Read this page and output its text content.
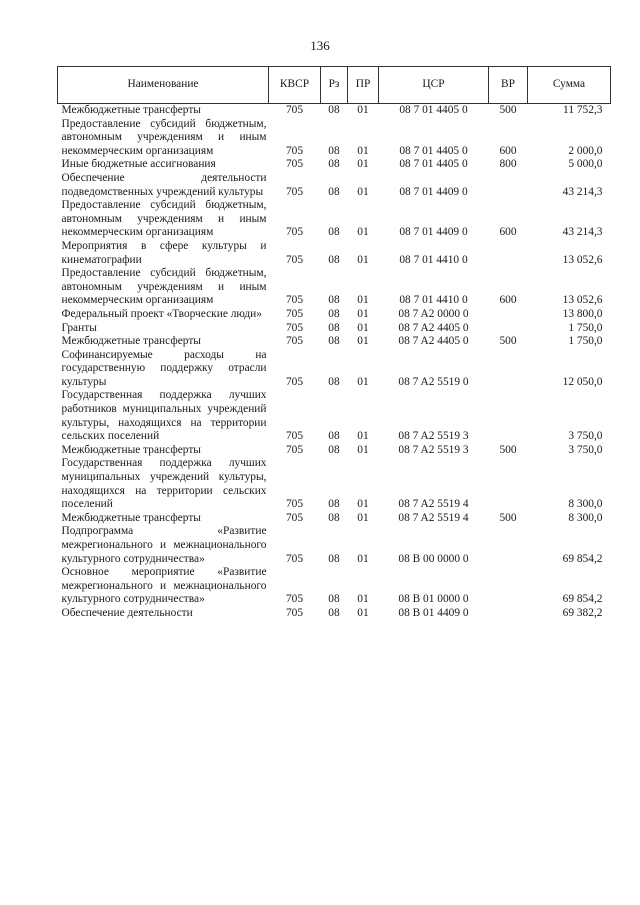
136
Наименование	КВСР	Рз	ПР	ЦСР	ВР	Сумма
Межбюджетные трансферты	705	08	01	08 7 01 4405 0	500	11 752,3
Предоставление субсидий бюджетным, автономным учреждениям и иным некоммерческим организациям	705	08	01	08 7 01 4405 0	600	2 000,0
Иные бюджетные ассигнования	705	08	01	08 7 01 4405 0	800	5 000,0
Обеспечение деятельности подведомственных учреждений культуры	705	08	01	08 7 01 4409 0		43 214,3
Предоставление субсидий бюджетным, автономным учреждениям и иным некоммерческим организациям	705	08	01	08 7 01 4409 0	600	43 214,3
Мероприятия в сфере культуры и кинематографии	705	08	01	08 7 01 4410 0		13 052,6
Предоставление субсидий бюджетным, автономным учреждениям и иным некоммерческим организациям	705	08	01	08 7 01 4410 0	600	13 052,6
Федеральный проект «Творческие люди»	705	08	01	08 7 A2 0000 0		13 800,0
Гранты	705	08	01	08 7 A2 4405 0		1 750,0
Межбюджетные трансферты	705	08	01	08 7 A2 4405 0	500	1 750,0
Софинансируемые расходы на государственную поддержку отрасли культуры	705	08	01	08 7 A2 5519 0		12 050,0
Государственная поддержка лучших работников муниципальных учреждений культуры, находящихся на территории сельских поселений	705	08	01	08 7 A2 5519 3		3 750,0
Межбюджетные трансферты	705	08	01	08 7 A2 5519 3	500	3 750,0
Государственная поддержка лучших муниципальных учреждений культуры, находящихся на территории сельских поселений	705	08	01	08 7 A2 5519 4		8 300,0
Межбюджетные трансферты	705	08	01	08 7 A2 5519 4	500	8 300,0
Подпрограмма «Развитие межрегионального и межнационального культурного сотрудничества»	705	08	01	08 B 00 0000 0		69 854,2
Основное мероприятие «Развитие межрегионального и межнационального культурного сотрудничества»	705	08	01	08 B 01 0000 0		69 854,2
Обеспечение деятельности	705	08	01	08 B 01 4409 0		69 382,2
